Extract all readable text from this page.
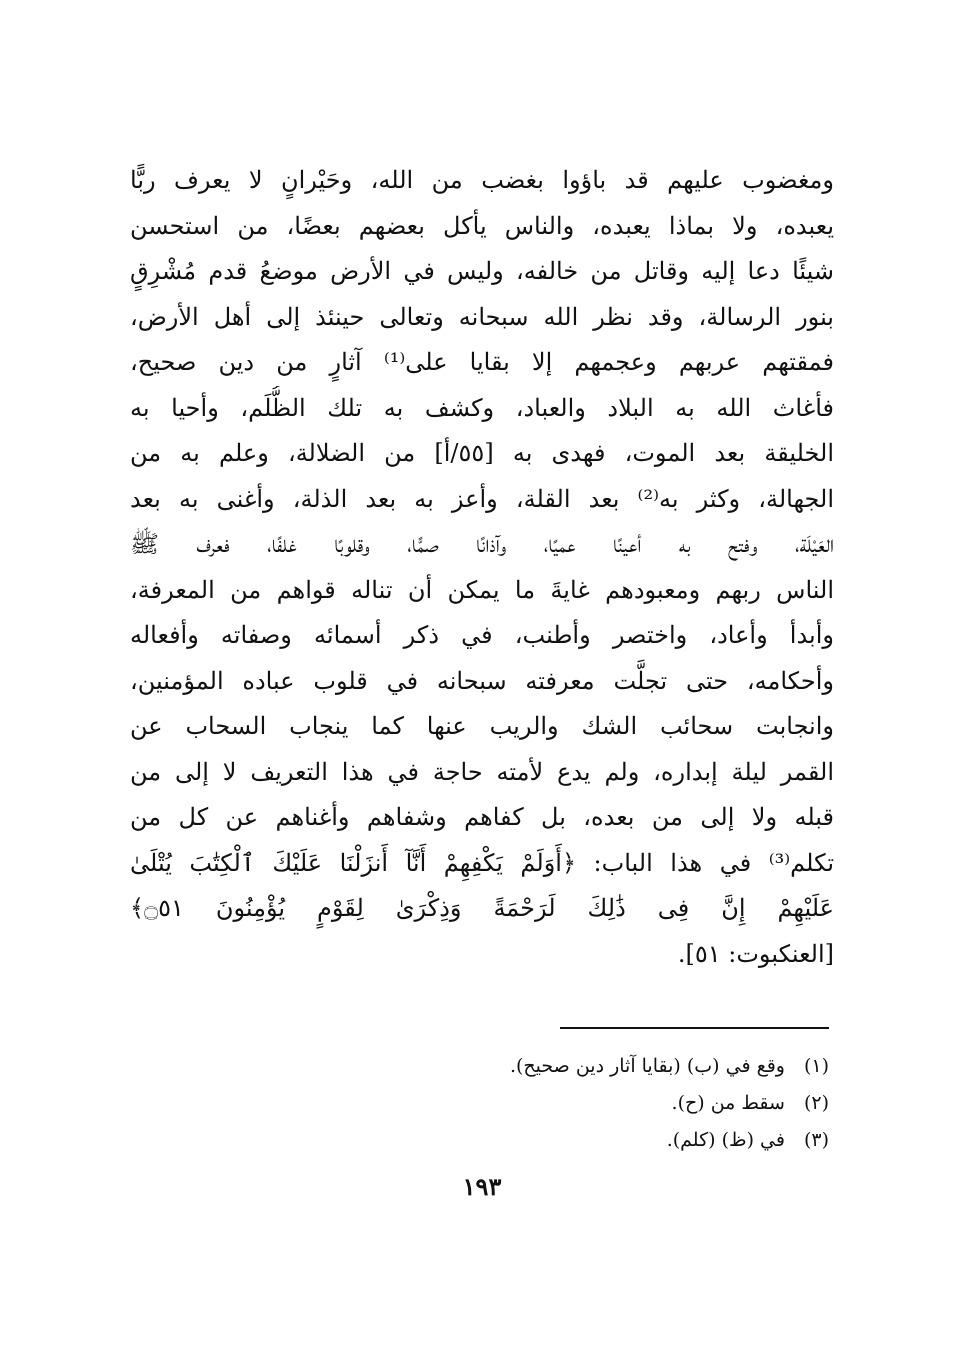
ومغضوب عليهم قد باؤوا بغضب من الله، وحَيْرانٍ لا يعرف ربًّا
يعبده، ولا بماذا يعبده، والناس يأكل بعضهم بعضًا، من استحسن
شيئًا دعا إليه وقاتل من خالفه، وليس في الأرض موضعُ قدم مُشْرِقٍ
بنور الرسالة، وقد نظر الله سبحانه وتعالى حينئذ إلى أهل الأرض،
فمقتهم عربهم وعجمهم إلا بقايا على⁽¹⁾ آثارٍ من دين صحيح،
فأغاث الله به البلاد والعباد، وكشف به تلك الظُّلَم، وأحيا به
الخليقة بعد الموت، فهدى به [٥٥/أ] من الضلالة، وعلم به من
الجهالة، وكثر به⁽²⁾ بعد القلة، وأعز به بعد الذلة، وأغنى به بعد
العَيْلَة، وفتح به أعينًا عميًا، وآذانًا صمًّا، وقلوبًا غلفًا، فعرف ﷺ
الناس ربهم ومعبودهم غايةَ ما يمكن أن تناله قواهم من المعرفة،
وأبدأ وأعاد، واختصر وأطنب، في ذكر أسمائه وصفاته وأفعاله
وأحكامه، حتى تجلَّت معرفته سبحانه في قلوب عباده المؤمنين،
وانجابت سحائب الشك والريب عنها كما ينجاب السحاب عن
القمر ليلة إبداره، ولم يدع لأمته حاجة في هذا التعريف لا إلى من
قبله ولا إلى من بعده، بل كفاهم وشفاهم وأغناهم عن كل من
تكلم⁽³⁾ في هذا الباب: ﴿أَوَلَمْ يَكْفِهِمْ أَنَّآ أَنزَلْنَا عَلَيْكَ ٱلْكِتَٰبَ يُتْلَىٰ
عَلَيْهِمْ إِنَّ فِى ذَٰلِكَ لَرَحْمَةً وَذِكْرَىٰ لِقَوْمٍ يُؤْمِنُونَ ۝٥١﴾
[العنكبوت: ٥١].
(١) وقع في (ب) (بقايا آثار دين صحيح).
(٢) سقط من (ح).
(٣) في (ظ) (كلم).
١٩٣
